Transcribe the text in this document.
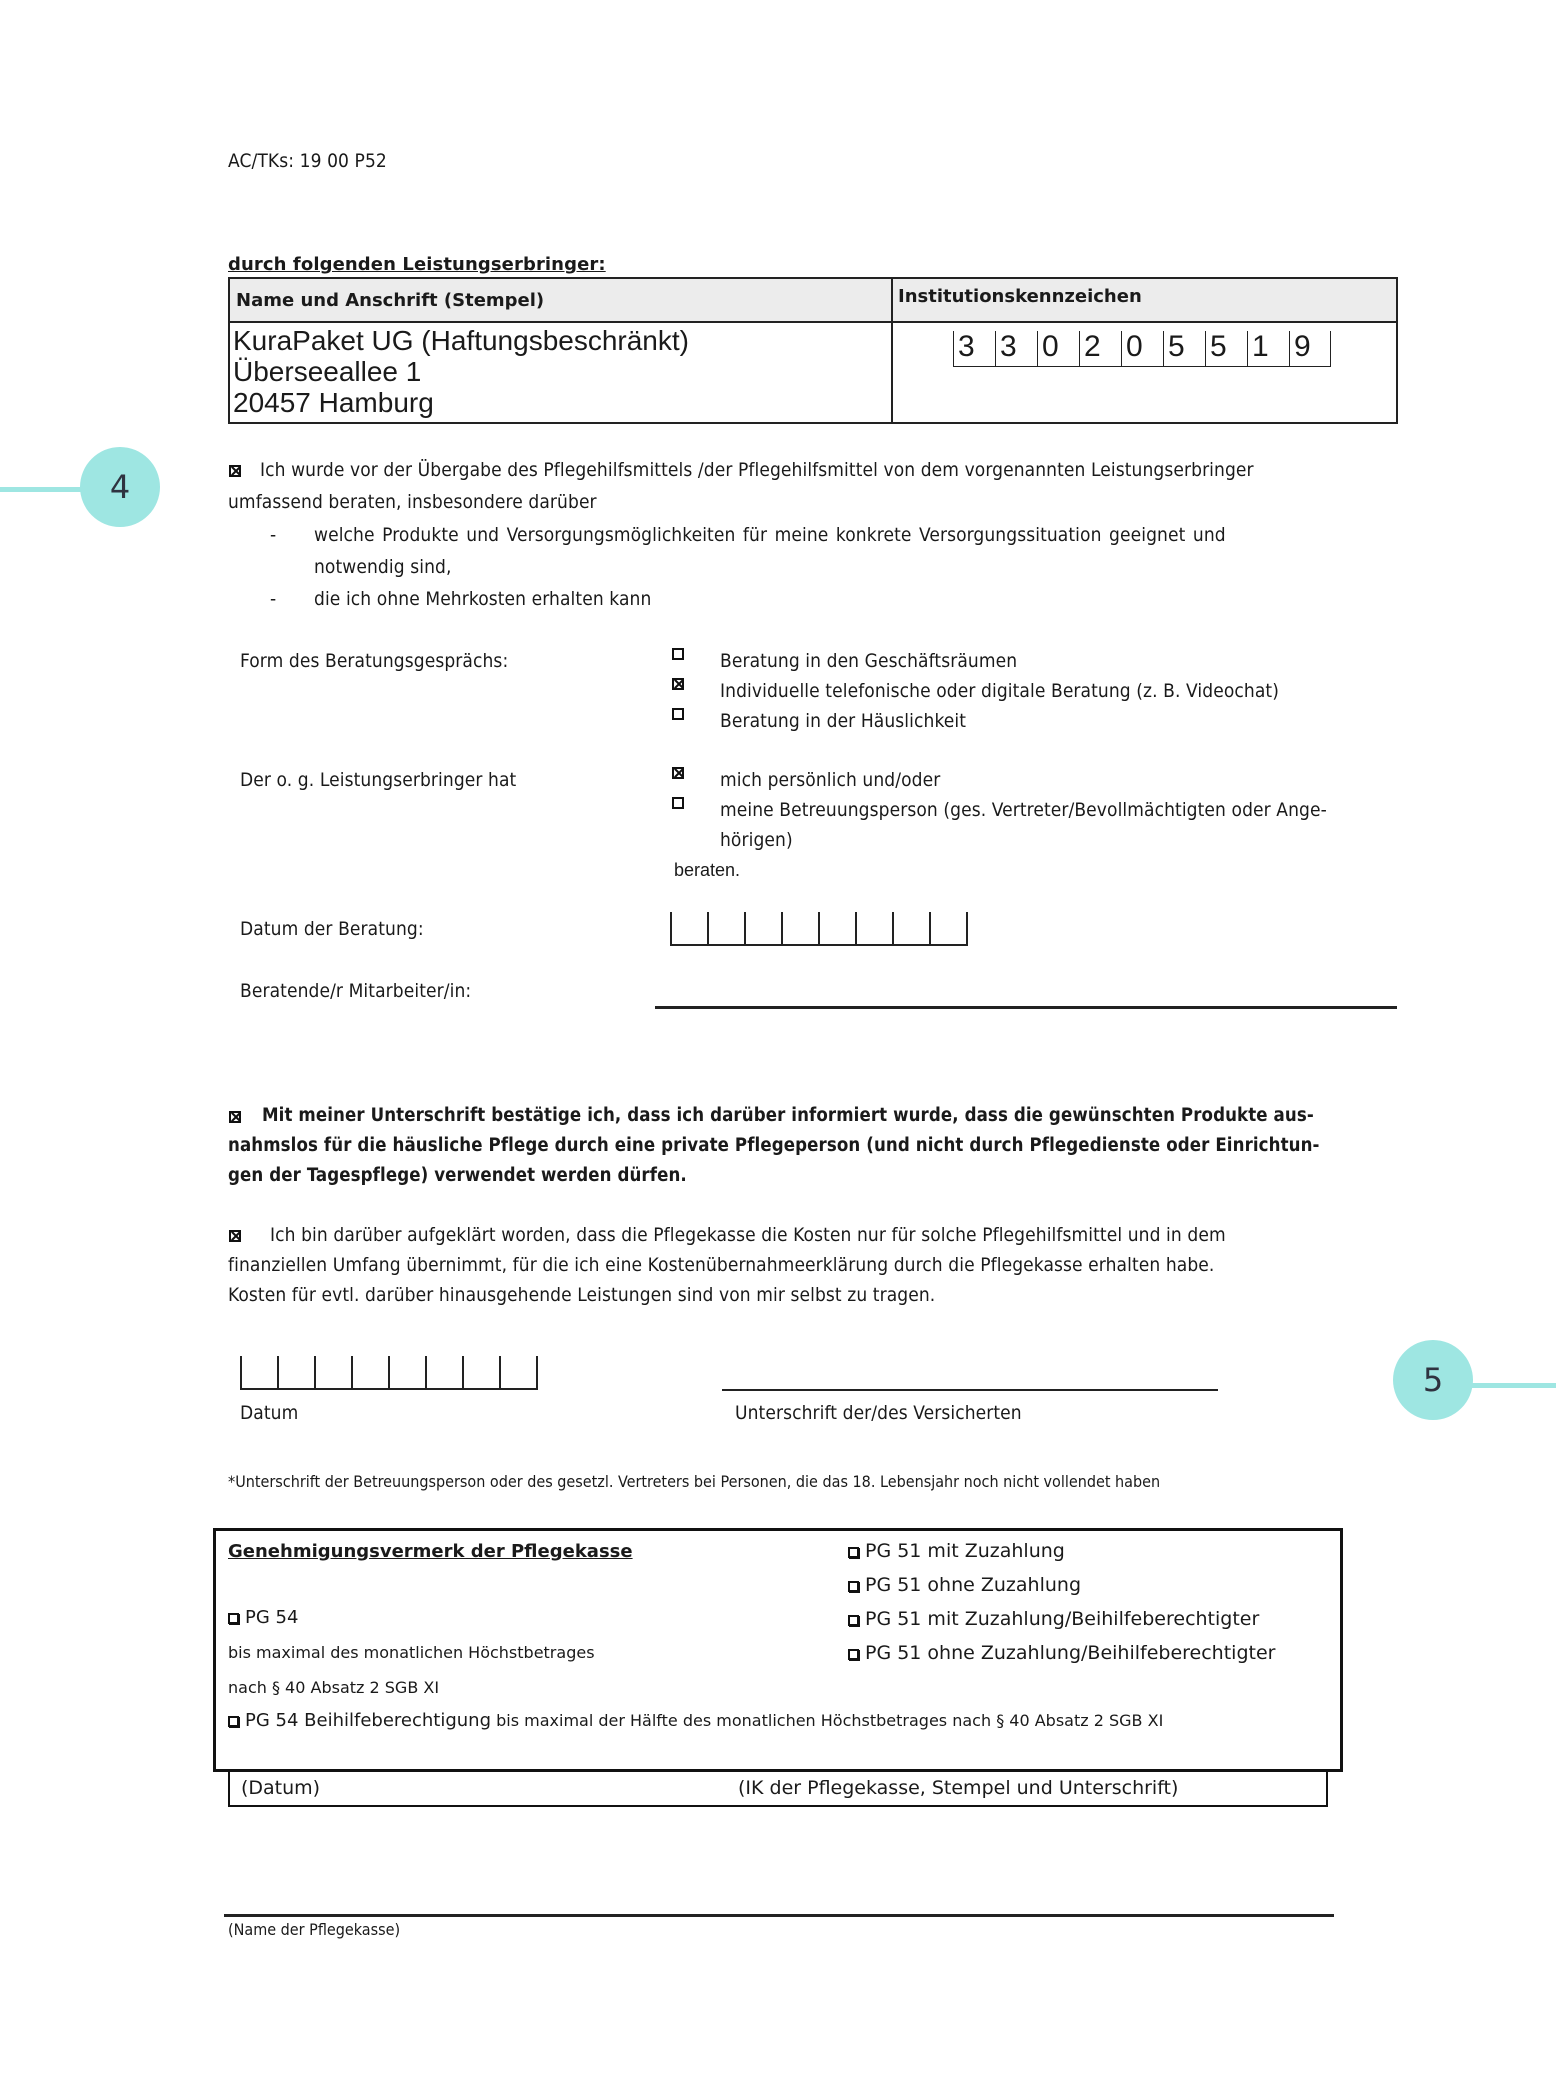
AC/TKs: 19 00 P52
durch folgenden Leistungserbringer:
Name und Anschrift (Stempel)	Institutionskennzeichen
KuraPaket UG (Haftungsbeschränkt)
Überseeallee 1
20457 Hamburg
3 3 0 2 0 5 5 1 9
4	Ich wurde vor der Übergabe des Pflegehilfsmittels /der Pflegehilfsmittel von dem vorgenannten Leistungserbringer
umfassend beraten, insbesondere darüber
- welche Produkte und Versorgungsmöglichkeiten für meine konkrete Versorgungssituation geeignet und
notwendig sind,
- die ich ohne Mehrkosten erhalten kann
Form des Beratungsgesprächs:	Beratung in den Geschäftsräumen
Individuelle telefonische oder digitale Beratung (z. B. Videochat)
Beratung in der Häuslichkeit
Der o. g. Leistungserbringer hat	mich persönlich und/oder
meine Betreuungsperson (ges. Vertreter/Bevollmächtigten oder Ange-
hörigen)
beraten.
Datum der Beratung:
Beratende/r Mitarbeiter/in:
Mit meiner Unterschrift bestätige ich, dass ich darüber informiert wurde, dass die gewünschten Produkte aus-
nahmslos für die häusliche Pflege durch eine private Pflegeperson (und nicht durch Pflegedienste oder Einrichtun-
gen der Tagespflege) verwendet werden dürfen.
Ich bin darüber aufgeklärt worden, dass die Pflegekasse die Kosten nur für solche Pflegehilfsmittel und in dem
finanziellen Umfang übernimmt, für die ich eine Kostenübernahmeerklärung durch die Pflegekasse erhalten habe.
Kosten für evtl. darüber hinausgehende Leistungen sind von mir selbst zu tragen.
Datum	Unterschrift der/des Versicherten
5
*Unterschrift der Betreuungsperson oder des gesetzl. Vertreters bei Personen, die das 18. Lebensjahr noch nicht vollendet haben
Genehmigungsvermerk der Pflegekasse
PG 54
bis maximal des monatlichen Höchstbetrages
nach § 40 Absatz 2 SGB XI
PG 54 Beihilfeberechtigung bis maximal der Hälfte des monatlichen Höchstbetrages nach § 40 Absatz 2 SGB XI
PG 51 mit Zuzahlung
PG 51 ohne Zuzahlung
PG 51 mit Zuzahlung/Beihilfeberechtigter
PG 51 ohne Zuzahlung/Beihilfeberechtigter
(Datum)	(IK der Pflegekasse, Stempel und Unterschrift)
(Name der Pflegekasse)
